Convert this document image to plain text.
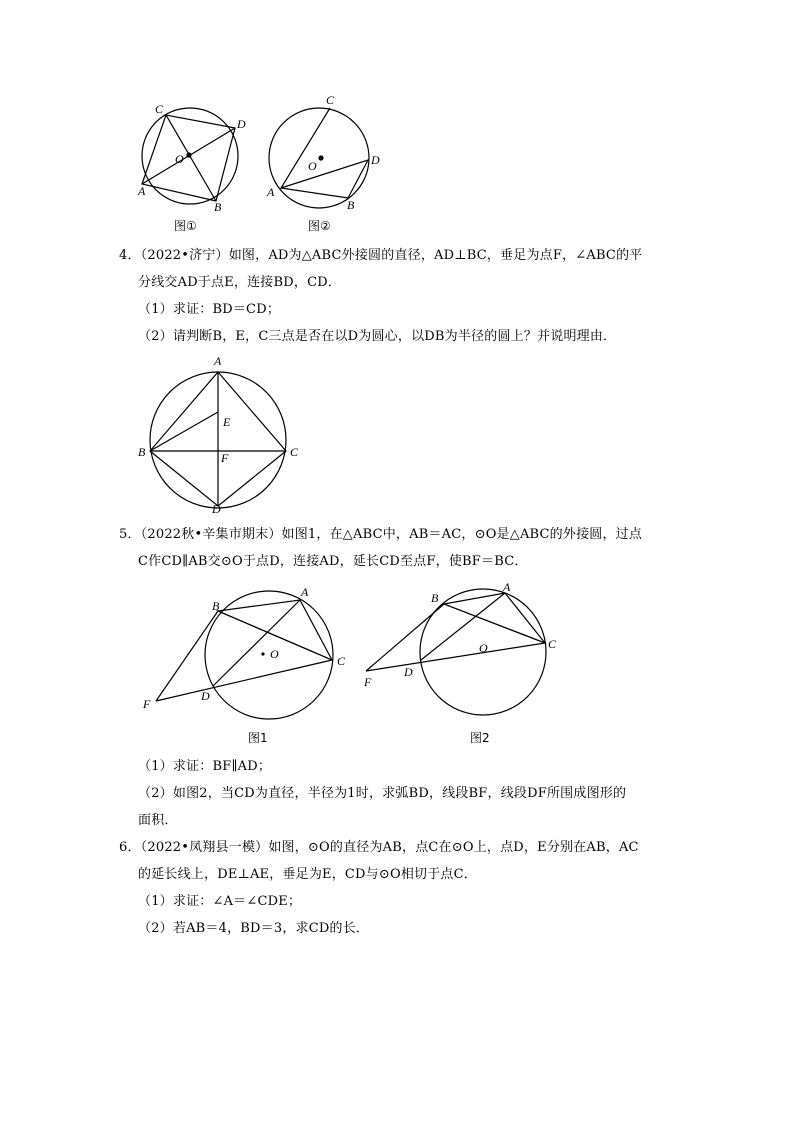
C
D
O
A
B
图①
C
D
O
A
B
图②
4．（2022•济宁）如图，AD为△ABC外接圆的直径，AD⊥BC，垂足为点F，∠ABC的平
分线交AD于点E，连接BD，CD．
（1）求证：BD＝CD；
（2）请判断B，E，C三点是否在以D为圆心，以DB为半径的圆上？并说明理由．
A
E
B	F	C
D
5．（2022秋•辛集市期末）如图1，在△ABC中，AB＝AC，⊙O是△ABC的外接圆，过点
C作CD∥AB交⊙O于点D，连接AD，延长CD至点F，使BF＝BC．
B
A
O	C
F
D
图1
B
A
O	C
F
D
图2
（1）求证：BF∥AD；
（2）如图2，当CD为直径，半径为1时，求弧BD，线段BF，线段DF所围成图形的
面积．
6．（2022•凤翔县一模）如图，⊙O的直径为AB，点C在⊙O上，点D，E分别在AB，AC
的延长线上，DE⊥AE，垂足为E，CD与⊙O相切于点C．
（1）求证：∠A＝∠CDE；
（2）若AB＝4，BD＝3，求CD的长．
